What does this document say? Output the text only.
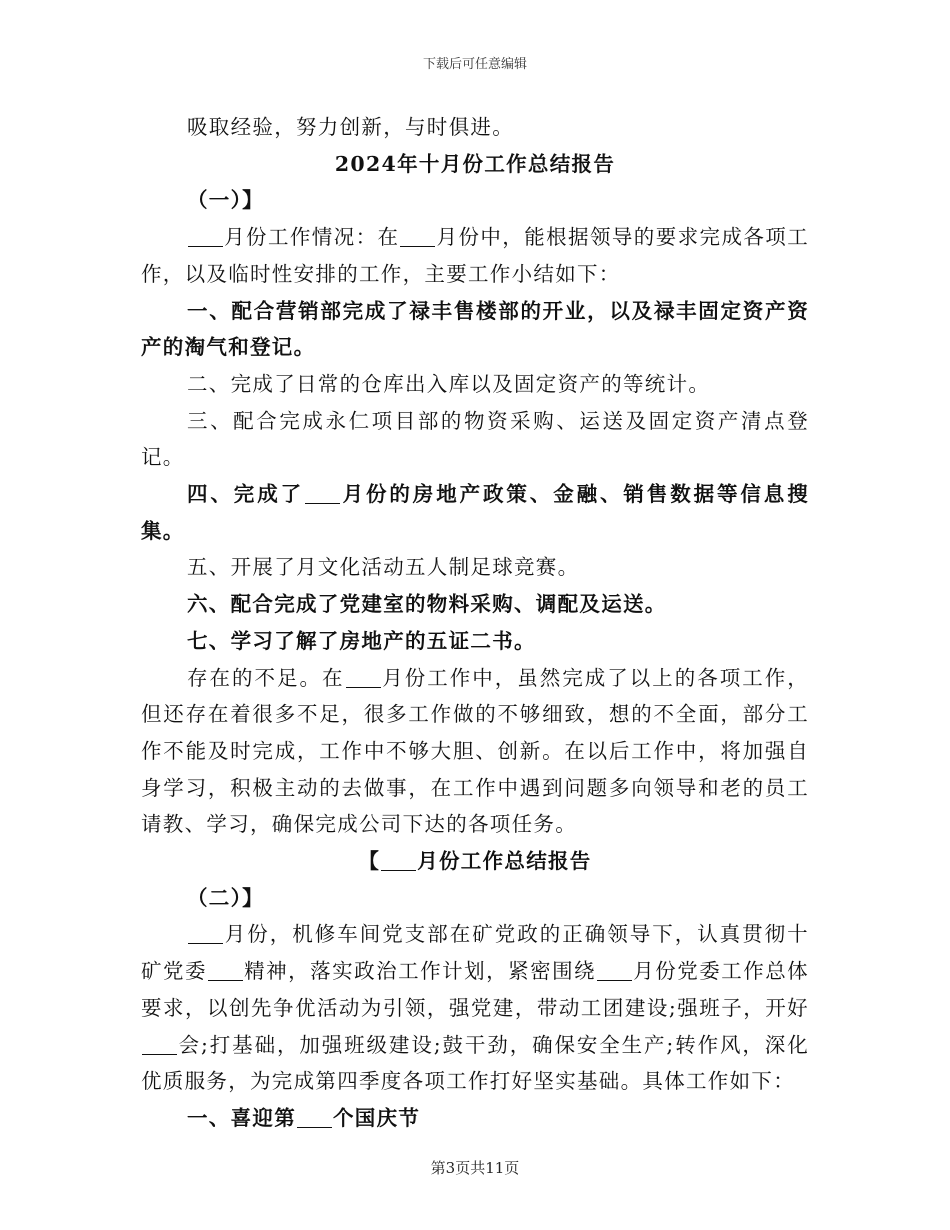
下载后可任意编辑

吸取经验，努力创新，与时俱进。

2024年十月份工作总结报告

（一）】

月份工作情况：在 月份中，能根据领导的要求完成各项工作，以及临时性安排的工作，主要工作小结如下：

一、配合营销部完成了禄丰售楼部的开业，以及禄丰固定资产资产的淘气和登记。

二、完成了日常的仓库出入库以及固定资产的等统计。

三、配合完成永仁项目部的物资采购、运送及固定资产清点登记。

四、完成了 月份的房地产政策、金融、销售数据等信息搜集。

五、开展了月文化活动五人制足球竞赛。

六、配合完成了党建室的物料采购、调配及运送。

七、学习了解了房地产的五证二书。

存在的不足。在 月份工作中，虽然完成了以上的各项工作，但还存在着很多不足，很多工作做的不够细致，想的不全面，部分工作不能及时完成，工作中不够大胆、创新。在以后工作中，将加强自身学习，积极主动的去做事，在工作中遇到问题多向领导和老的员工请教、学习，确保完成公司下达的各项任务。

【 月份工作总结报告

（二）】

月份，机修车间党支部在矿党政的正确领导下，认真贯彻十矿党委 精神，落实政治工作计划，紧密围绕 月份党委工作总体要求，以创先争优活动为引领，强党建，带动工团建设;强班子，开好会;打基础，加强班级建设;鼓干劲，确保安全生产;转作风，深化优质服务，为完成第四季度各项工作打好坚实基础。具体工作如下：

一、喜迎第 个国庆节

第3页共11页
